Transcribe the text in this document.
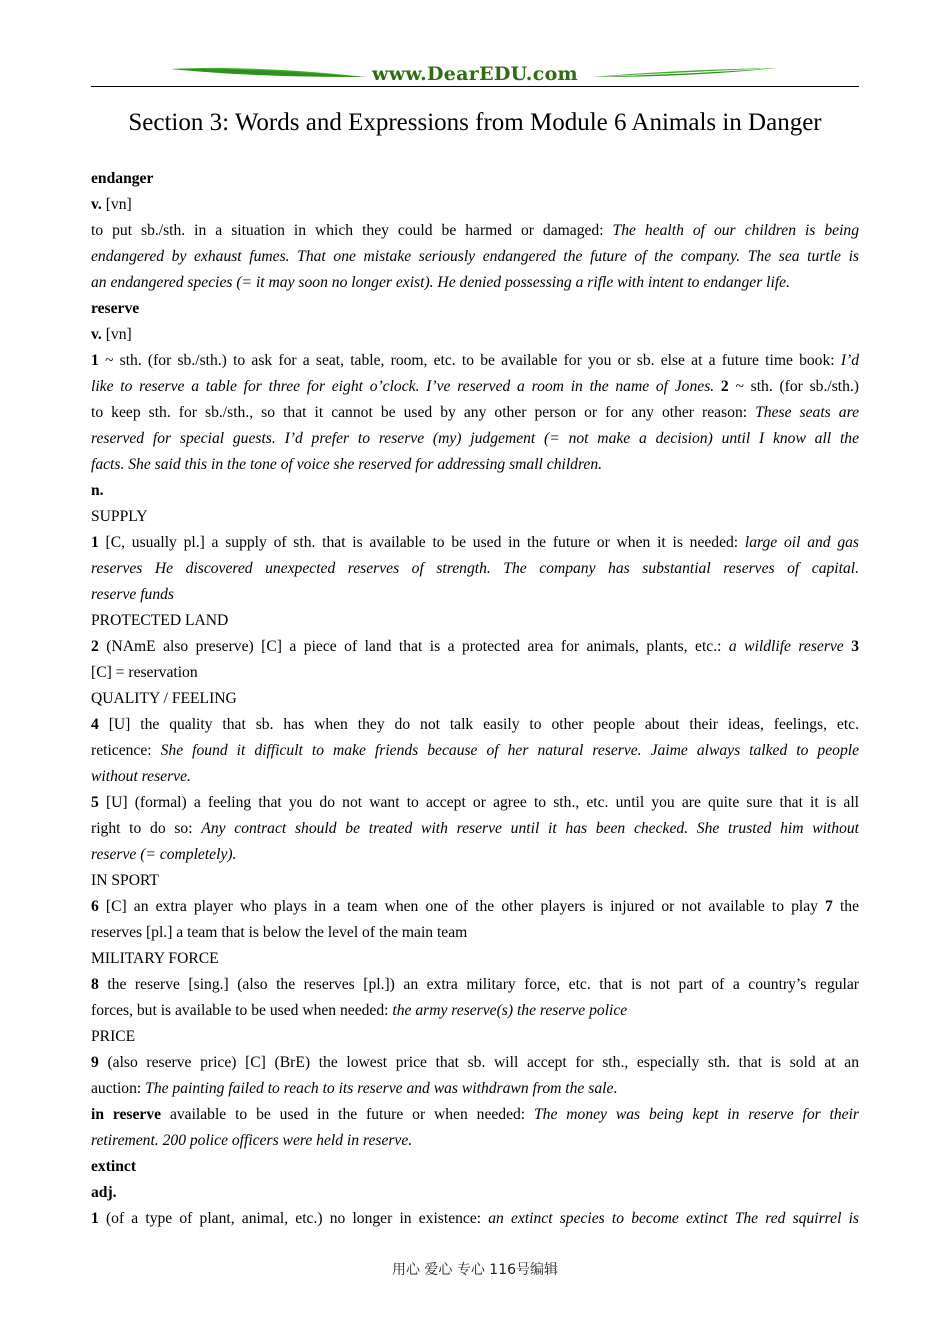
www.DearEDU.com
Section 3: Words and Expressions from Module 6 Animals in Danger
endanger
v. [vn]
to put sb./sth. in a situation in which they could be harmed or damaged: The health of our children is being
endangered by exhaust fumes. That one mistake seriously endangered the future of the company. The sea turtle is
an endangered species (= it may soon no longer exist). He denied possessing a rifle with intent to endanger life.
reserve
v. [vn]
1 ~ sth. (for sb./sth.) to ask for a seat, table, room, etc. to be available for you or sb. else at a future time book: I’d
like to reserve a table for three for eight o’clock. I’ve reserved a room in the name of Jones. 2 ~ sth. (for sb./sth.)
to keep sth. for sb./sth., so that it cannot be used by any other person or for any other reason: These seats are
reserved for special guests. I’d prefer to reserve (my) judgement (= not make a decision) until I know all the
facts. She said this in the tone of voice she reserved for addressing small children.
n.
SUPPLY
1 [C, usually pl.] a supply of sth. that is available to be used in the future or when it is needed: large oil and gas
reserves He discovered unexpected reserves of strength. The company has substantial reserves of capital.
reserve funds
PROTECTED LAND
2 (NAmE also preserve) [C] a piece of land that is a protected area for animals, plants, etc.: a wildlife reserve 3
[C] = reservation
QUALITY / FEELING
4 [U] the quality that sb. has when they do not talk easily to other people about their ideas, feelings, etc.
reticence: She found it difficult to make friends because of her natural reserve. Jaime always talked to people
without reserve.
5 [U] (formal) a feeling that you do not want to accept or agree to sth., etc. until you are quite sure that it is all
right to do so: Any contract should be treated with reserve until it has been checked. She trusted him without
reserve (= completely).
IN SPORT
6 [C] an extra player who plays in a team when one of the other players is injured or not available to play 7 the
reserves [pl.] a team that is below the level of the main team
MILITARY FORCE
8 the reserve [sing.] (also the reserves [pl.]) an extra military force, etc. that is not part of a country’s regular
forces, but is available to be used when needed: the army reserve(s) the reserve police
PRICE
9 (also reserve price) [C] (BrE) the lowest price that sb. will accept for sth., especially sth. that is sold at an
auction: The painting failed to reach to its reserve and was withdrawn from the sale.
in reserve available to be used in the future or when needed: The money was being kept in reserve for their
retirement. 200 police officers were held in reserve.
extinct
adj.
1 (of a type of plant, animal, etc.) no longer in existence: an extinct species to become extinct The red squirrel is
用心 爱心 专心 116号编辑
